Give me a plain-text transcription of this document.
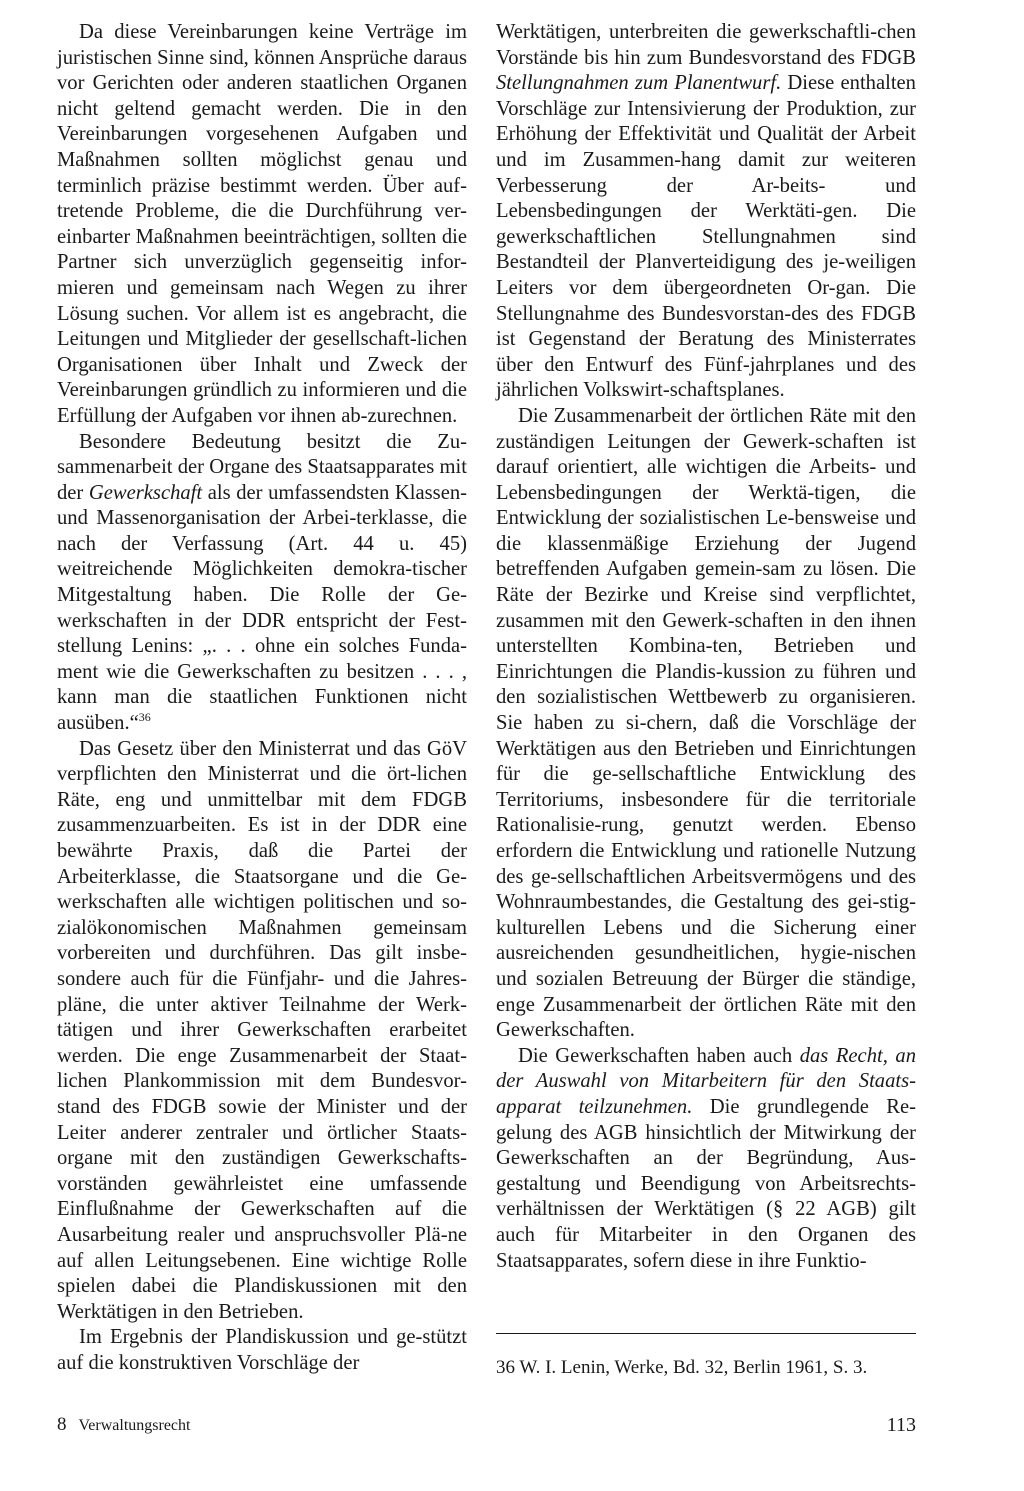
Da diese Vereinbarungen keine Verträge im juristischen Sinne sind, können Ansprüche daraus vor Gerichten oder anderen staatlichen Organen nicht geltend gemacht werden. Die in den Vereinbarungen vorgesehenen Aufgaben und Maßnahmen sollten möglichst genau und terminlich präzise bestimmt werden. Über auf-tretende Probleme, die die Durchführung ver-einbarter Maßnahmen beeinträchtigen, sollten die Partner sich unverzüglich gegenseitig infor-mieren und gemeinsam nach Wegen zu ihrer Lösung suchen. Vor allem ist es angebracht, die Leitungen und Mitglieder der gesellschaft-lichen Organisationen über Inhalt und Zweck der Vereinbarungen gründlich zu informieren und die Erfüllung der Aufgaben vor ihnen ab-zurechnen.

Besondere Bedeutung besitzt die Zu-sammenarbeit der Organe des Staatsapparates mit der Gewerkschaft als der umfassendsten Klassen- und Massenorganisation der Arbei-terklasse, die nach der Verfassung (Art. 44 u. 45) weitreichende Möglichkeiten demokra-tischer Mitgestaltung haben. Die Rolle der Ge-werkschaften in der DDR entspricht der Fest-stellung Lenins: „. . . ohne ein solches Funda-ment wie die Gewerkschaften zu besitzen . . . , kann man die staatlichen Funktionen nicht ausüben.“$^{36}$

Das Gesetz über den Ministerrat und das GöV verpflichten den Ministerrat und die ört-lichen Räte, eng und unmittelbar mit dem FDGB zusammenzuarbeiten. Es ist in der DDR eine bewährte Praxis, daß die Partei der Arbeiterklasse, die Staatsorgane und die Ge-werkschaften alle wichtigen politischen und so-zialökonomischen Maßnahmen gemeinsam vorbereiten und durchführen. Das gilt insbe-sondere auch für die Fünfjahr- und die Jahres-pläne, die unter aktiver Teilnahme der Werk-tätigen und ihrer Gewerkschaften erarbeitet werden. Die enge Zusammenarbeit der Staat-lichen Plankommission mit dem Bundesvor-stand des FDGB sowie der Minister und der Leiter anderer zentraler und örtlicher Staats-organe mit den zuständigen Gewerkschafts-vorständen gewährleistet eine umfassende Einflußnahme der Gewerkschaften auf die Ausarbeitung realer und anspruchsvoller Plä-ne auf allen Leitungsebenen. Eine wichtige Rolle spielen dabei die Plandiskussionen mit den Werktätigen in den Betrieben.

Im Ergebnis der Plandiskussion und ge-stützt auf die konstruktiven Vorschläge der

Werktätigen, unterbreiten die gewerkschaftli-chen Vorstände bis hin zum Bundesvorstand des FDGB Stellungnahmen zum Planentwurf. Diese enthalten Vorschläge zur Intensivierung der Produktion, zur Erhöhung der Effektivität und Qualität der Arbeit und im Zusammen-hang damit zur weiteren Verbesserung der Ar-beits- und Lebensbedingungen der Werktäti-gen. Die gewerkschaftlichen Stellungnahmen sind Bestandteil der Planverteidigung des je-weiligen Leiters vor dem übergeordneten Or-gan. Die Stellungnahme des Bundesvorstan-des des FDGB ist Gegenstand der Beratung des Ministerrates über den Entwurf des Fünf-jahrplanes und des jährlichen Volkswirt-schaftsplanes.

Die Zusammenarbeit der örtlichen Räte mit den zuständigen Leitungen der Gewerk-schaften ist darauf orientiert, alle wichtigen die Arbeits- und Lebensbedingungen der Werktä-tigen, die Entwicklung der sozialistischen Le-bensweise und die klassenmäßige Erziehung der Jugend betreffenden Aufgaben gemein-sam zu lösen. Die Räte der Bezirke und Kreise sind verpflichtet, zusammen mit den Gewerk-schaften in den ihnen unterstellten Kombina-ten, Betrieben und Einrichtungen die Plandis-kussion zu führen und den sozialistischen Wettbewerb zu organisieren. Sie haben zu si-chern, daß die Vorschläge der Werktätigen aus den Betrieben und Einrichtungen für die ge-sellschaftliche Entwicklung des Territoriums, insbesondere für die territoriale Rationalisie-rung, genutzt werden. Ebenso erfordern die Entwicklung und rationelle Nutzung des ge-sellschaftlichen Arbeitsvermögens und des Wohnraumbestandes, die Gestaltung des gei-stig-kulturellen Lebens und die Sicherung einer ausreichenden gesundheitlichen, hygie-nischen und sozialen Betreuung der Bürger die ständige, enge Zusammenarbeit der örtlichen Räte mit den Gewerkschaften.

Die Gewerkschaften haben auch das Recht, an der Auswahl von Mitarbeitern für den Staats-apparat teilzunehmen. Die grundlegende Re-gelung des AGB hinsichtlich der Mitwirkung der Gewerkschaften an der Begründung, Aus-gestaltung und Beendigung von Arbeitsrechts-verhältnissen der Werktätigen (§ 22 AGB) gilt auch für Mitarbeiter in den Organen des Staatsapparates, sofern diese in ihre Funktio-

36 W. I. Lenin, Werke, Bd. 32, Berlin 1961, S. 3.

8 Verwaltungsrecht	113
